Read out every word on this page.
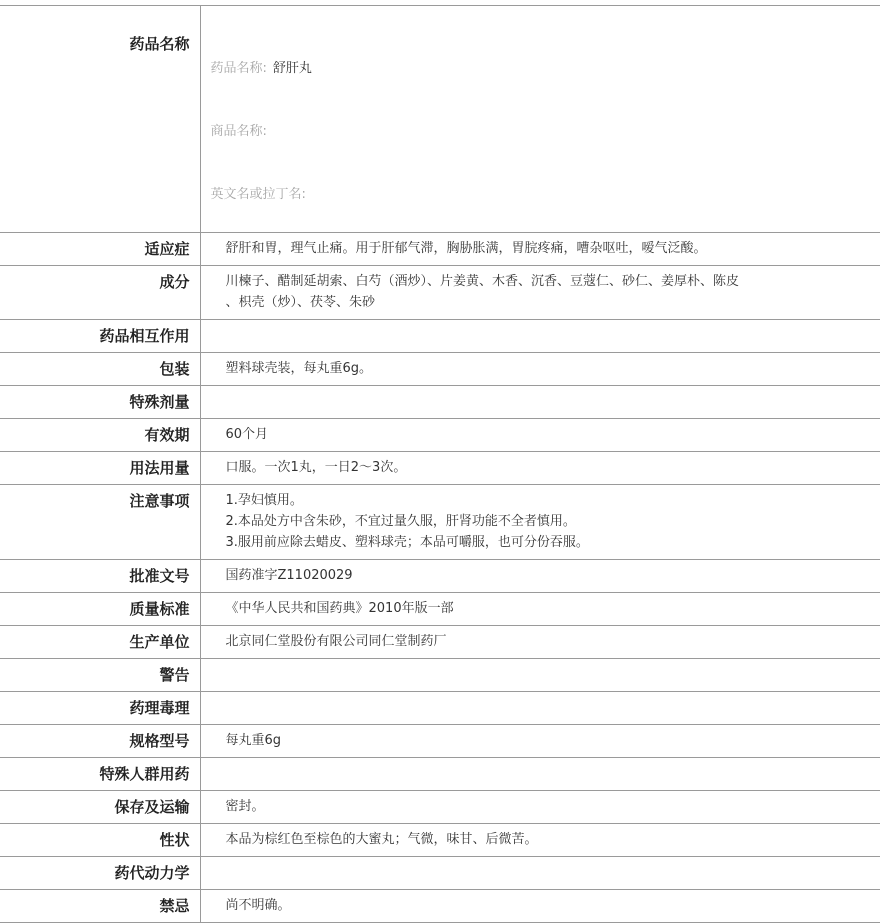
药品名称	药品名称: 舒肝丸

商品名称:

英文名或拉丁名:

适应症	舒肝和胃，理气止痛。用于肝郁气滞，胸胁胀满，胃脘疼痛，嘈杂呕吐，嗳气泛酸。
成分	川楝子、醋制延胡索、白芍（酒炒）、片姜黄、木香、沉香、豆蔻仁、砂仁、姜厚朴、陈皮
、枳壳（炒）、茯苓、朱砂
药品相互作用	
包装	塑料球壳装，每丸重6g。
特殊剂量	
有效期	60个月
用法用量	口服。一次1丸，一日2～3次。
注意事项	1.孕妇慎用。
2.本品处方中含朱砂，不宜过量久服，肝肾功能不全者慎用。
3.服用前应除去蜡皮、塑料球壳；本品可嚼服，也可分份吞服。
批准文号	国药准字Z11020029
质量标准	《中华人民共和国药典》2010年版一部
生产单位	北京同仁堂股份有限公司同仁堂制药厂
警告	
药理毒理	
规格型号	每丸重6g
特殊人群用药	
保存及运输	密封。
性状	本品为棕红色至棕色的大蜜丸；气微，味甘、后微苦。
药代动力学	
禁忌	尚不明确。
